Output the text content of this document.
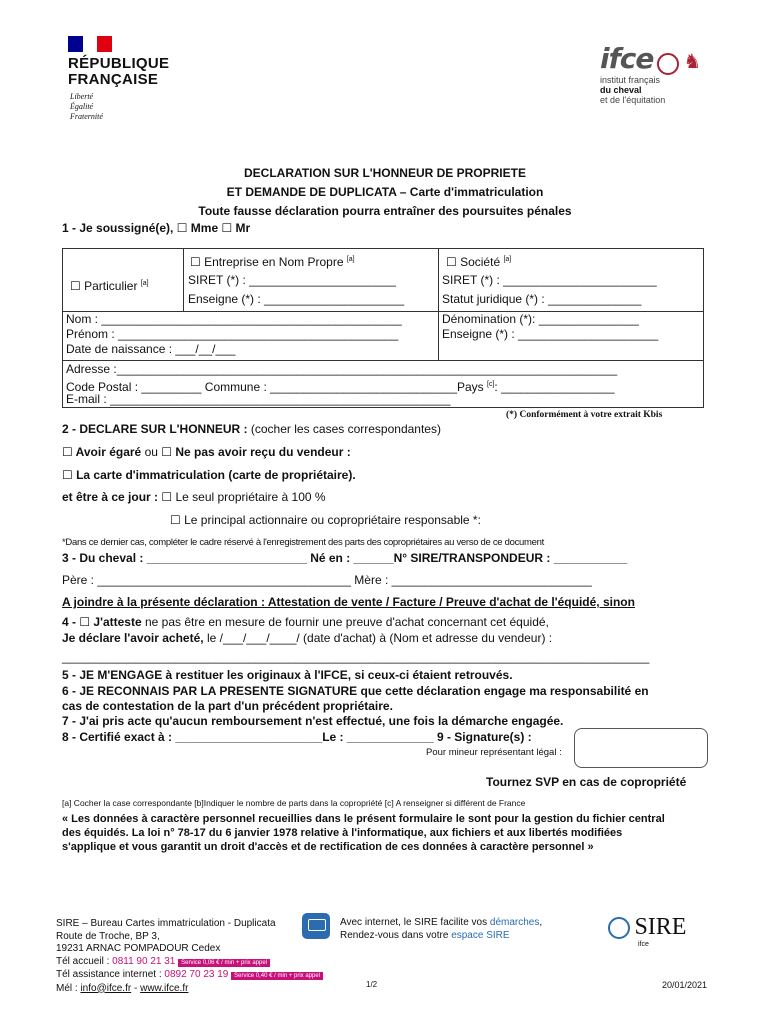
RÉPUBLIQUE
FRANÇAISE
Liberté
Égalité
Fraternité
ifce ♞
institut français
du cheval
et de l'équitation
DECLARATION SUR L'HONNEUR DE PROPRIETE
ET DEMANDE DE DUPLICATA – Carte d'immatriculation
Toute fausse déclaration pourra entraîner des poursuites pénales
1 - Je soussigné(e), ☐ Mme ☐ Mr
☐ Particulier [a]
☐ Entreprise en Nom Propre [a]
SIRET (*) : ______________________
Enseigne (*) : _____________________
☐ Société [a]
SIRET (*) : _______________________
Statut juridique (*) : ______________
Nom : _____________________________________________
Prénom : __________________________________________
Date de naissance : ___/__/___
Dénomination (*): _______________
Enseigne (*) : _____________________
Adresse :___________________________________________________________________________
Code Postal : _________ Commune : ____________________________Pays [c]: _________________
E-mail : ___________________________________________________
(*) Conformément à votre extrait Kbis
2 - DECLARE SUR L'HONNEUR : (cocher les cases correspondantes)
☐ Avoir égaré ou ☐ Ne pas avoir reçu du vendeur :
☐ La carte d'immatriculation (carte de propriétaire).
et être à ce jour : ☐ Le seul propriétaire à 100 %
☐ Le principal actionnaire ou copropriétaire responsable *:
*Dans ce dernier cas, compléter le cadre réservé à l'enregistrement des parts des copropriétaires au verso de ce document
3 - Du cheval : ________________________ Né en : ______N° SIRE/TRANSPONDEUR : ___________
Père : ______________________________________ Mère : ______________________________
A joindre à la présente déclaration : Attestation de vente / Facture / Preuve d'achat de l'équidé, sinon
4 - ☐ J'atteste ne pas être en mesure de fournir une preuve d'achat concernant cet équidé,
Je déclare l'avoir acheté, le /___/___/____/ (date d'achat) à (Nom et adresse du vendeur) :
________________________________________________________________________________________
5 - JE M'ENGAGE à restituer les originaux à l'IFCE, si ceux-ci étaient retrouvés.
6 - JE RECONNAIS PAR LA PRESENTE SIGNATURE que cette déclaration engage ma responsabilité en
cas de contestation de la part d'un précédent propriétaire.
7 - J'ai pris acte qu'aucun remboursement n'est effectué, une fois la démarche engagée.
8 - Certifié exact à : ______________________Le : _____________ 9 - Signature(s) :
Pour mineur représentant légal :
Tournez SVP en cas de copropriété
[a] Cocher la case correspondante [b]Indiquer le nombre de parts dans la copropriété [c] A renseigner si différent de France
« Les données à caractère personnel recueillies dans le présent formulaire le sont pour la gestion du fichier central
des équidés. La loi n° 78-17 du 6 janvier 1978 relative à l'informatique, aux fichiers et aux libertés modifiées
s'applique et vous garantit un droit d'accès et de rectification de ces données à caractère personnel »
SIRE – Bureau Cartes immatriculation - Duplicata
Route de Troche, BP 3,
19231 ARNAC POMPADOUR Cedex
Tél accueil : 0811 90 21 31 Service 0,06 € / min + prix appel
Tél assistance internet : 0892 70 23 19 Service 0,40 € / min + prix appel
Mél : info@ifce.fr - www.ifce.fr
Avec internet, le SIRE facilite vos démarches,
Rendez-vous dans votre espace SIRE	SIRE
ifce
1/2	20/01/2021
